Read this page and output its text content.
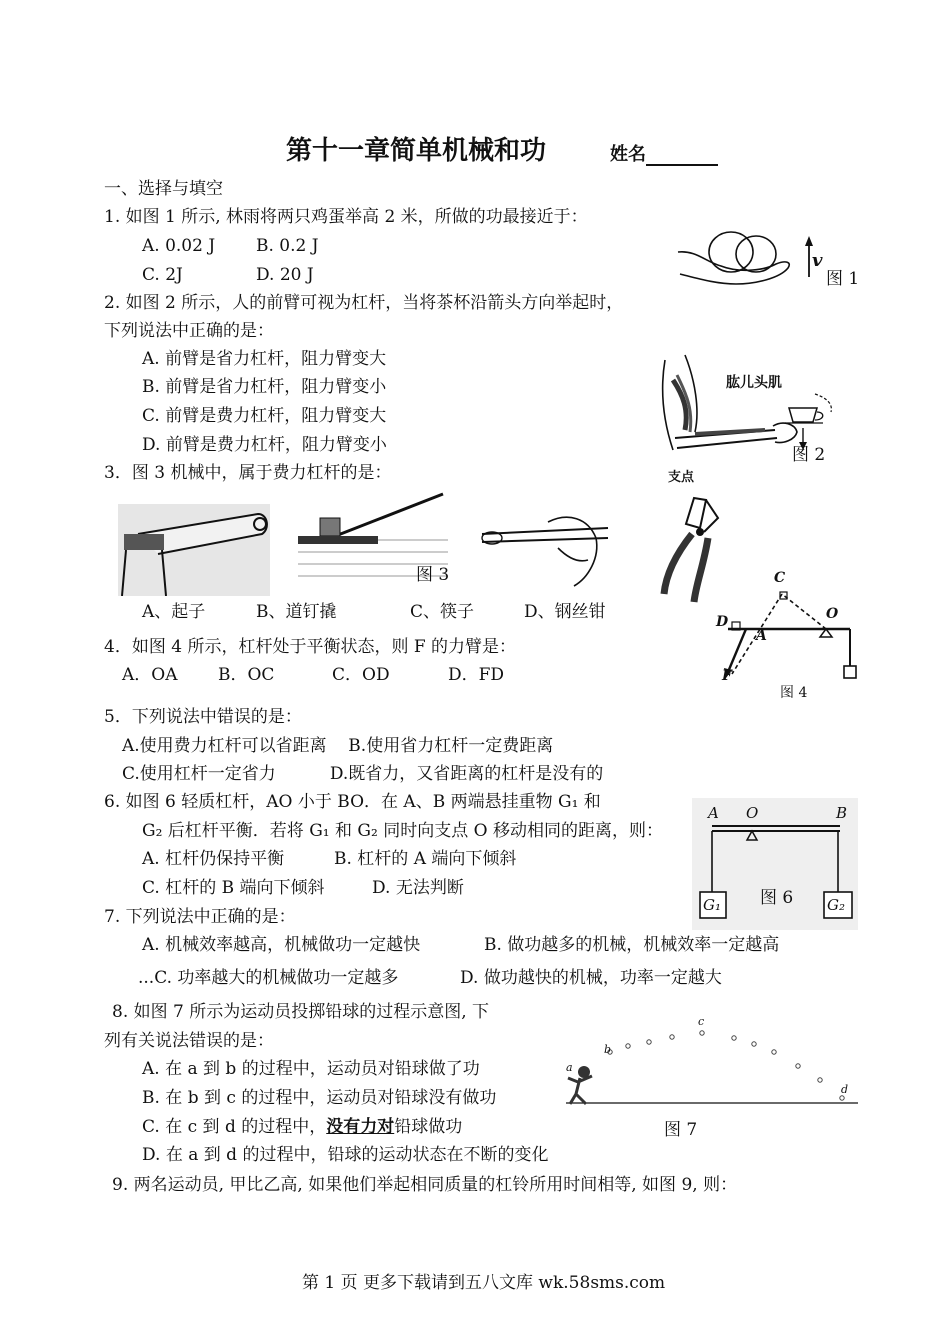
第十一章简单机械和功	姓名
一、选择与填空
1. 如图 1 所示, 林雨将两只鸡蛋举高 2 米，所做的功最接近于：
A. 0.02 J B. 0.2 J
C. 2J	D. 20 J
v
图 1
2. 如图 2 所示，人的前臂可视为杠杆，当将茶杯沿箭头方向举起时，
下列说法中正确的是：
A. 前臂是省力杠杆，阻力臂变大
B. 前臂是省力杠杆，阻力臂变小
C. 前臂是费力杠杆，阻力臂变大
D. 前臂是费力杠杆，阻力臂变小
肱儿头肌
图 2
支点
3．图 3 机械中，属于费力杠杆的是：
图 3
A、起子	B、道钉撬	C、筷子	D、钢丝钳
4．如图 4 所示，杠杆处于平衡状态，则 F 的力臂是：
A．OA B．OC	C．OD	D．FD
C
D
A
O
F
图 4
5．下列说法中错误的是：
A.使用费力杠杆可以省距离    B.使用省力杠杆一定费距离
C.使用杠杆一定省力          D.既省力，又省距离的杠杆是没有的
6. 如图 6 轻质杠杆，AO 小于 BO．在 A、B 两端悬挂重物 G₁ 和
G₂ 后杠杆平衡．若将 G₁ 和 G₂ 同时向支点 O 移动相同的距离，则：
A. 杠杆仍保持平衡	B. 杠杆的 A 端向下倾斜
C. 杠杆的 B 端向下倾斜	D. 无法判断
A O	B
图 6
G₁	G₂
7. 下列说法中正确的是：
A. 机械效率越高，机械做功一定越快	B. 做功越多的机械，机械效率一定越高
...C. 功率越大的机械做功一定越多	D. 做功越快的机械，功率一定越大
8. 如图 7 所示为运动员投掷铅球的过程示意图, 下
列有关说法错误的是：
A. 在 a 到 b 的过程中，运动员对铅球做了功
B. 在 b 到 c 的过程中，运动员对铅球没有做功
C. 在 c 到 d 的过程中，没有力对铅球做功
D. 在 a 到 d 的过程中，铅球的运动状态在不断的变化
a
b
c
d
图 7
9. 两名运动员, 甲比乙高, 如果他们举起相同质量的杠铃所用时间相等, 如图 9, 则：
第 1 页 更多下载请到五八文库 wk.58sms.com
